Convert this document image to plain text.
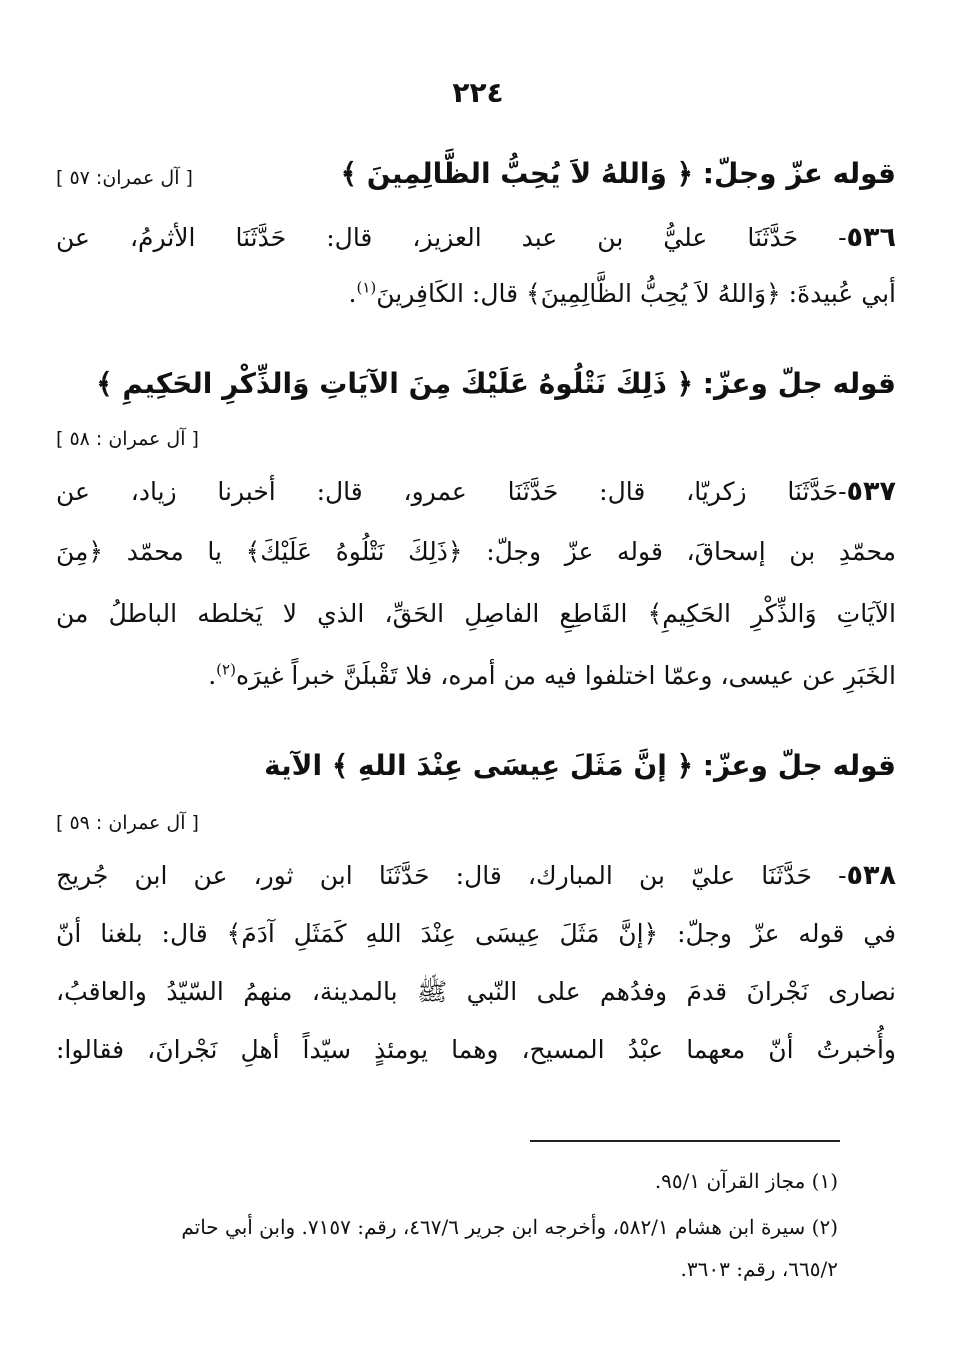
٢٢٤
قوله عزّ وجلّ: ﴿ وَاللهُ لاَ يُحِبُّ الظَّالِمِينَ ﴾
[ آل عمران: ٥٧ ]
٥٣٦- حَدَّثَنَا عليُّ بن عبد العزيز، قال: حَدَّثَنَا الأثرمُ، عن
أبي عُبيدةَ: ﴿وَاللهُ لاَ يُحِبُّ الظَّالِمِينَ﴾ قال: الكَافِرينَ$^{(١)}$.
قوله جلّ وعزّ: ﴿ ذَلِكَ نَتْلُوهُ عَلَيْكَ مِنَ الآيَاتِ وَالذِّكْرِ الحَكِيمِ ﴾
[ آل عمران : ٥٨ ]
٥٣٧-حَدَّثَنَا زكريّا، قال: حَدَّثَنَا عمرو، قال: أخبرنا زياد، عن
محمّدِ بن إسحاقَ، قوله عزّ وجلّ: ﴿ذَلِكَ نَتْلُوهُ عَلَيْكَ﴾ يا محمّد ﴿مِنَ
الآيَاتِ وَالذِّكْرِ الحَكِيمِ﴾ القَاطِعِ الفاصِلِ الحَقِّ، الذي لا يَخلطه الباطلُ من
الخَبَرِ عن عيسى، وعمّا اختلفوا فيه من أمره، فلا تَقْبلَنَّ خبراً غيرَه$^{(٢)}$.
قوله جلّ وعزّ: ﴿ إنَّ مَثَلَ عِيسَى عِنْدَ اللهِ ﴾ الآية
[ آل عمران : ٥٩ ]
٥٣٨- حَدَّثَنَا عليّ بن المبارك، قال: حَدَّثَنَا ابن ثور، عن ابن جُريج
في قوله عزّ وجلّ: ﴿إنَّ مَثَلَ عِيسَى عِنْدَ اللهِ كَمَثَلِ آدَمَ﴾ قال: بلغنا أنّ
نصارى نَجْرانَ قدمَ وفدُهم على النّبي ﷺ بالمدينة، منهمُ السّيّدُ والعاقبُ،
وأُخبرتُ أنّ معهما عبْدُ المسيح، وهما يومئذٍ سيّداً أهلِ نَجْرانَ، فقالوا:
(١) مجاز القرآن ٩٥/١.
(٢) سيرة ابن هشام ٥٨٢/١، وأخرجه ابن جرير ٤٦٧/٦، رقم: ٧١٥٧. وابن أبي حاتم
٦٦٥/٢، رقم: ٣٦٠٣.
